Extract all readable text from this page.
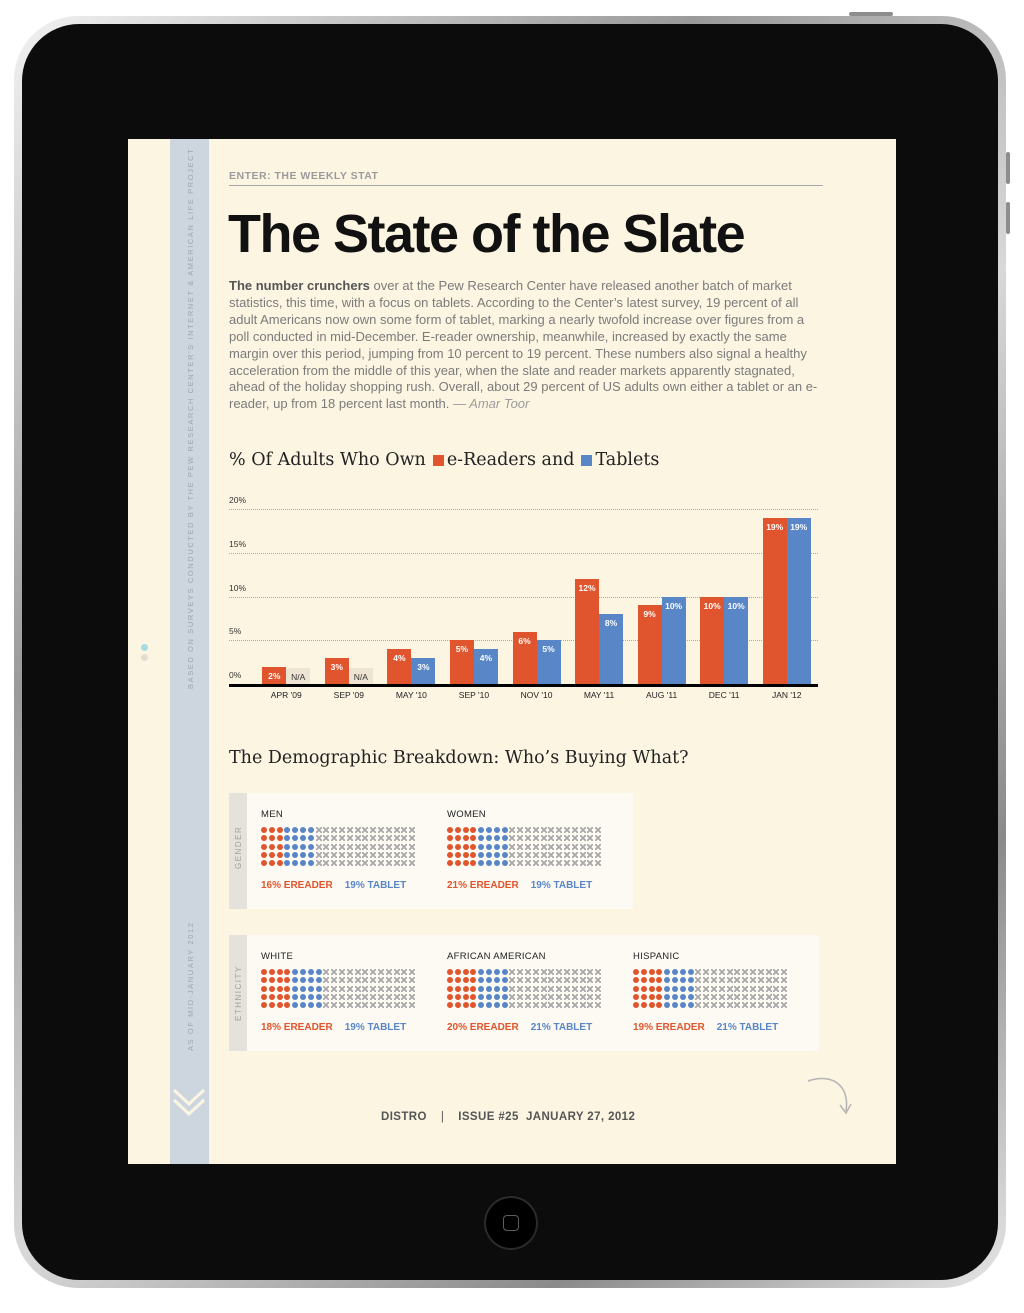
BASED ON SURVEYS CONDUCTED BY THE PEW RESEARCH CENTER'S INTERNET & AMERICAN LIFE PROJECT
AS OF MID-JANUARY 2012
ENTER: THE WEEKLY STAT
The State of the Slate
The number crunchers over at the Pew Research Center have released another batch of market statistics, this time, with a focus on tablets. According to the Center’s latest survey, 19 percent of all adult Americans now own some form of tablet, marking a nearly twofold increase over figures from a poll conducted in mid-December. E-reader ownership, meanwhile, increased by exactly the same margin over this period, jumping from 10 percent to 19 percent. These numbers also signal a healthy acceleration from the middle of this year, when the slate and reader markets apparently stagnated, ahead of the holiday shopping rush. Overall, about 29 percent of US adults own either a tablet or an e-reader, up from 18 percent last month. — Amar Toor
% Of Adults Who Own e-Readers and Tablets
0%
5%
10%
15%
20%
APR '09
2%	N/A
SEP '09
3%
N/A
MAY '10
4%
3%
SEP '10
5%
4%
NOV '10
6%
5%
MAY '11
12%
8%
AUG '11
9%
10%
DEC '11
10% 10%
JAN '12
19% 19%
The Demographic Breakdown: Who’s Buying What?
GENDER
MEN
16% EREADER 19% TABLET
WOMEN
21% EREADER 19% TABLET
ETHNICITY
WHITE
18% EREADER 19% TABLET
AFRICAN AMERICAN
20% EREADER 21% TABLET
HISPANIC
19% EREADER 21% TABLET
DISTRO | ISSUE #25 JANUARY 27, 2012
